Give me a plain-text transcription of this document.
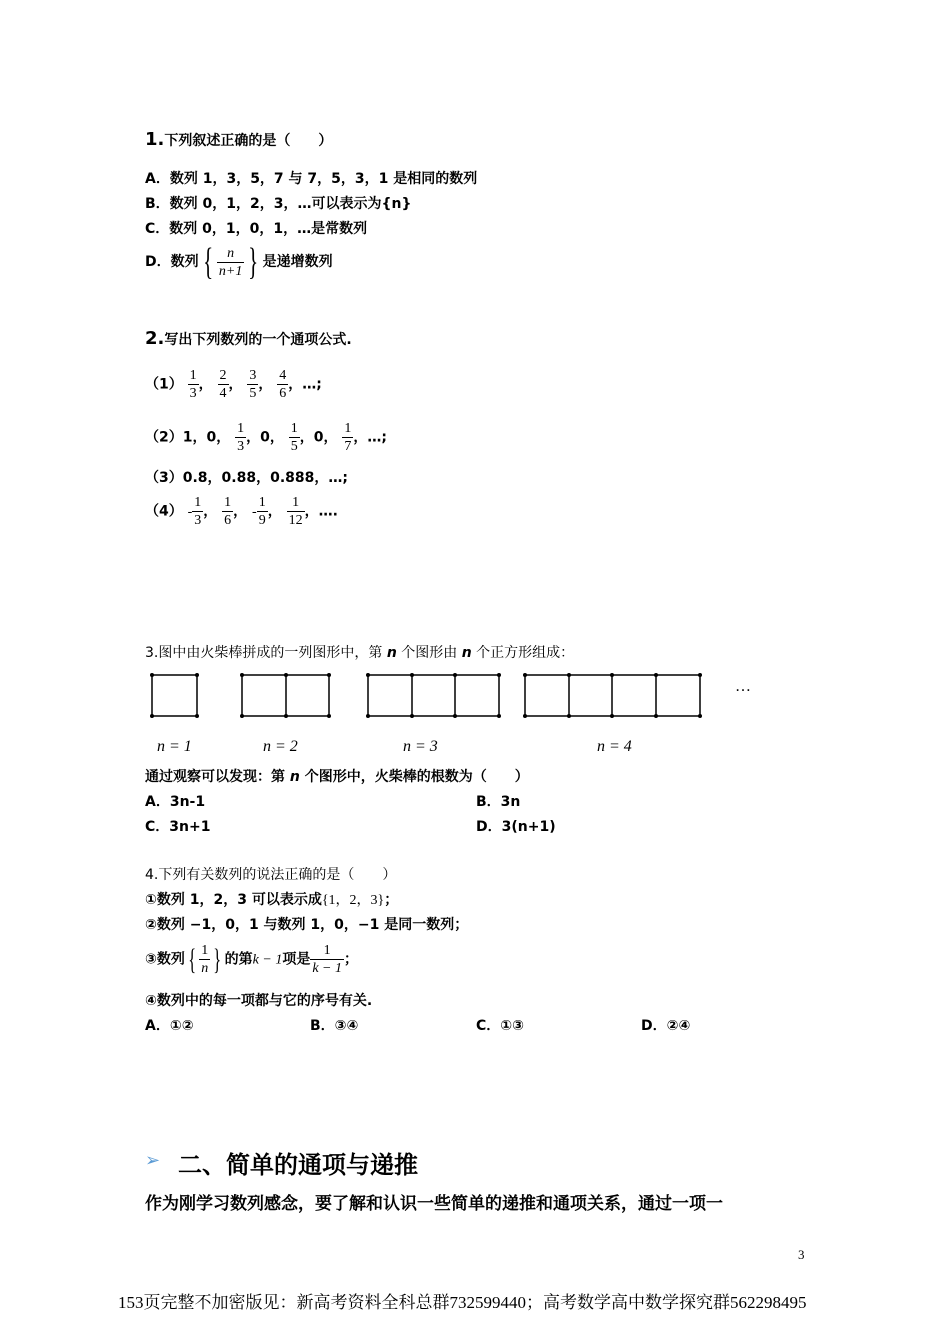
1.下列叙述正确的是（　　）
A．数列 1，3，5，7 与 7，5，3，1 是相同的数列
B．数列 0，1，2，3，…可以表示为{n}
C．数列 0，1，0，1，…是常数列
D．数列 { $\frac{n}{n+1}$ } 是递增数列
2.写出下列数列的一个通项公式.
$(1) \frac{1}{3}$ ， $\frac{2}{4}$ ， $\frac{3}{5}$ ， $\frac{4}{6}$ ，…;
（2）1，0， $\frac{1}{3}$ ，0， $\frac{1}{5}$ ，0， $\frac{1}{7}$ ，…;
（3）0.8，0.88，0.888，…;
$(4) - \frac{1}{3}$ ， $\frac{1}{6}$ ， - $\frac{1}{9}$ ， $\frac{1}{12}$ ，….
3.图中由火柴棒拼成的一列图形中，第 n 个图形由 n 个正方形组成：
…
n = 1	n = 2	n = 3	n = 4
通过观察可以发现：第 n 个图形中，火柴棒的根数为（　　）
A．3n-1	B．3n
C．3n+1	D．3(n+1)
4.下列有关数列的说法正确的是（　　）
①数列 1，2，3 可以表示成{1，2，3}；
②数列 −1，0，1 与数列 1，0，−1 是同一数列；
③数列 { $\frac{1}{n}$ } 的第k − 1项是 $\frac{1}{k - 1}$ ；
④数列中的每一项都与它的序号有关.
A．①②	B．③④	C．①③	D．②④
➢ 二、简单的通项与递推
作为刚学习数列感念，要了解和认识一些简单的递推和通项关系，通过一项一
3
153页完整不加密版见：新高考资料全科总群732599440；高考数学高中数学探究群562298495
